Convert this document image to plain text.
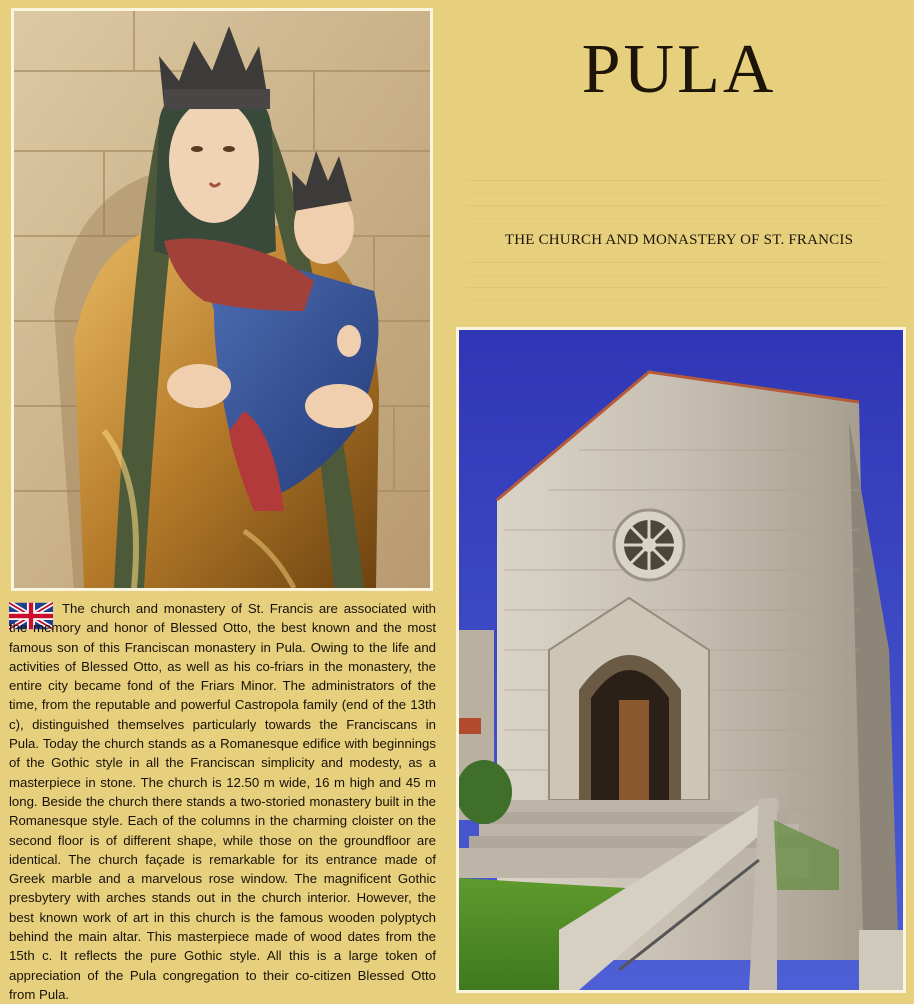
PULA

THE CHURCH AND MONASTERY OF ST. FRANCIS

The church and monastery of St. Francis are associated with the memory and honor of Blessed Otto, the best known and the most famous son of this Franciscan monastery in Pula. Owing to the life and activities of Blessed Otto, as well as his co-friars in the monastery, the entire city became fond of the Friars Minor. The administrators of the time, from the reputable and powerful Castropola family (end of the 13th c), distinguished themselves particularly towards the Franciscans in Pula. Today the church stands as a Romanesque edifice with beginnings of the Gothic style in all the Franciscan simplicity and modesty, as a masterpiece in stone. The church is 12.50 m wide, 16 m high and 45 m long. Beside the church there stands a two-storied monastery built in the Romanesque style. Each of the columns in the charming cloister on the second floor is of different shape, while those on the groundfloor are identical. The church façade is remarkable for its entrance made of Greek marble and a marvelous rose window. The magnificent Gothic presbytery with arches stands out in the church interior. However, the best known work of art in this church is the famous wooden polyptych behind the main altar. This masterpiece made of wood dates from the 15th c. It reflects the pure Gothic style. All this is a large token of appreciation of the Pula congregation to their co-citizen Blessed Otto from Pula.
